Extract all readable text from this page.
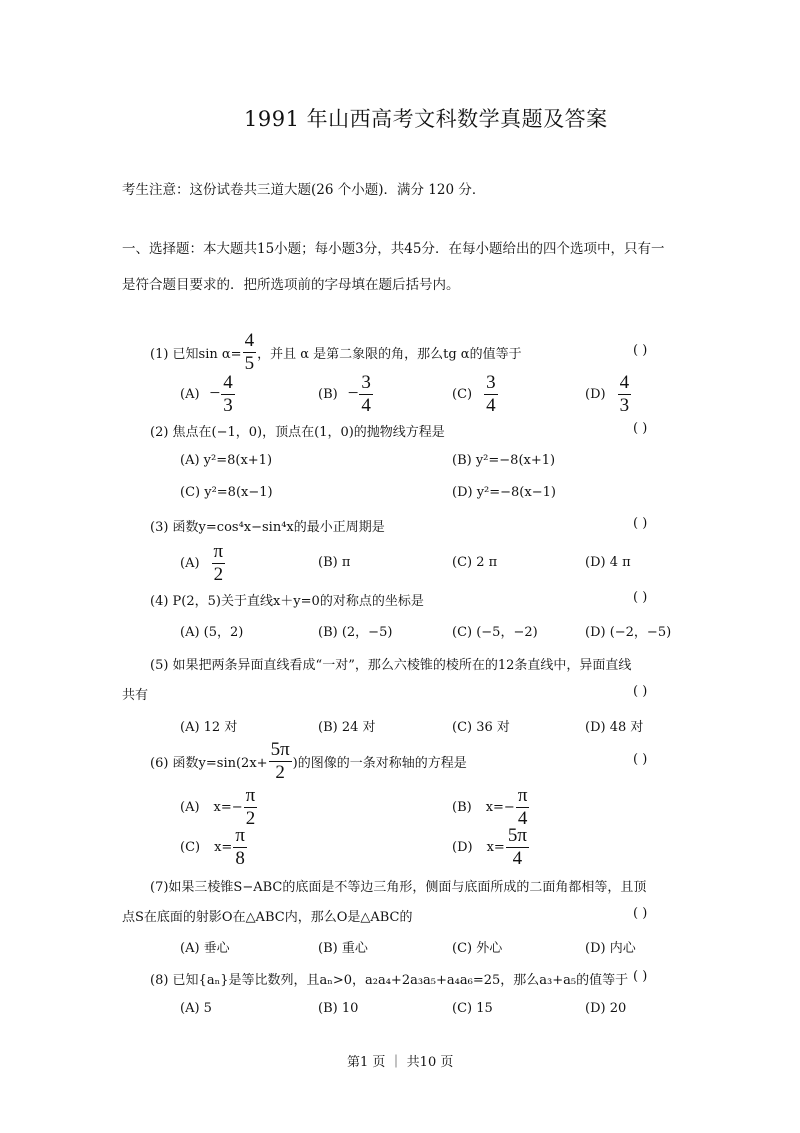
1991 年山西高考文科数学真题及答案
考生注意：这份试卷共三道大题(26 个小题)．满分 120 分．
一、选择题：本大题共15小题；每小题3分，共45分．在每小题给出的四个选项中，只有一
是符合题目要求的．把所选项前的字母填在题后括号内。
(1) 已知$\sin \alpha= \frac{4}{5}$ ，并且 α 是第二象限的角，那么tg α的值等于	( )
$(A) - \frac{4}{3}$	$(B) - \frac{3}{4}$	$(C) \frac{3}{4}$	$(D) \frac{4}{3}$
(2) 焦点在(−1，0)，顶点在(1，0)的抛物线方程是	( )
(A) y²=8(x+1)	(B) y²=−8(x+1)
(C) y²=8(x−1)	(D) y²=−8(x−1)
(3) 函数y=cos⁴x−sin⁴x的最小正周期是	( )
$(A) \frac{\pi}{2}$	(B) π	(C) 2 π	(D) 4 π
(4) P(2，5)关于直线x＋y=0的对称点的坐标是	( )
(A) (5，2)	(B) (2，−5)	(C) (−5，−2)	(D) (−2，−5)
(5) 如果把两条异面直线看成“一对”，那么六棱锥的棱所在的12条直线中，异面直线
共有	( )
(A) 12 对	(B) 24 对	(C) 36 对	(D) 48 对
(6) 函数$y=\sin(2x+ \frac{5\pi}{2}$ )的图像的一条对称轴的方程是	( )
(A) $x=- \frac{\pi}{2}$	(B) $x=- \frac{\pi}{4}$
(C) $x= \frac{\pi}{8}$	(D) $x= \frac{5\pi}{4}$
(7)如果三棱锥S−ABC的底面是不等边三角形，侧面与底面所成的二面角都相等，且顶
点S在底面的射影O在△ABC内，那么O是△ABC的	( )
(A) 垂心	(B) 重心	(C) 外心	(D) 内心
(8) 已知{aₙ}是等比数列，且aₙ>0，a₂a₄+2a₃a₅+a₄a₆=25，那么a₃+a₅的值等于 ( )
(A) 5	(B) 10	(C) 15	(D) 20
第1 页 ｜ 共10 页
